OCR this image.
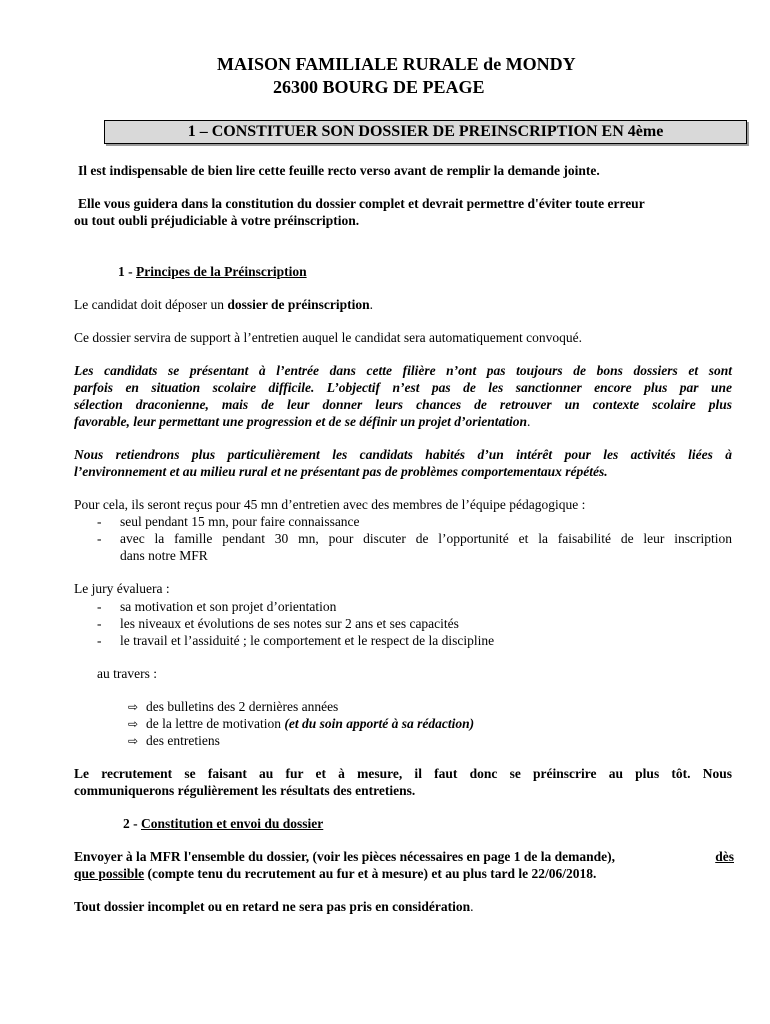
MAISON FAMILIALE RURALE de MONDY
26300 BOURG DE PEAGE
1 – CONSTITUER SON DOSSIER DE PREINSCRIPTION EN 4ème
Il est indispensable de bien lire cette feuille recto verso avant de remplir la demande jointe.
Elle vous guidera dans la constitution du dossier complet et devrait permettre d'éviter toute erreur
ou tout oubli préjudiciable à votre préinscription.
1 - Principes de la Préinscription
Le candidat doit déposer un dossier de préinscription.
Ce dossier servira de support à l’entretien auquel le candidat sera automatiquement convoqué.
Les candidats se présentant à l’entrée dans cette filière n’ont pas toujours de bons dossiers et sont
parfois en situation scolaire difficile. L’objectif n’est pas de les sanctionner encore plus par une
sélection draconienne, mais de leur donner leurs chances de retrouver un contexte scolaire plus
favorable, leur permettant une progression et de se définir un projet d’orientation.
Nous retiendrons plus particulièrement les candidats habités d’un intérêt pour les activités liées à
l’environnement et au milieu rural et ne présentant pas de problèmes comportementaux répétés.
Pour cela, ils seront reçus pour 45 mn d’entretien avec des membres de l’équipe pédagogique :
-	seul pendant 15 mn, pour faire connaissance
-	avec la famille pendant 30 mn, pour discuter de l’opportunité et la faisabilité de leur inscription
dans notre MFR
Le jury évaluera :
-	sa motivation et son projet d’orientation
-	les niveaux et évolutions de ses notes sur 2 ans et ses capacités
-	le travail et l’assiduité ; le comportement et le respect de la discipline
au travers :
⇨ des bulletins des 2 dernières années
⇨ de la lettre de motivation (et du soin apporté à sa rédaction)
⇨ des entretiens
Le recrutement se faisant au fur et à mesure, il faut donc se préinscrire au plus tôt. Nous
communiquerons régulièrement les résultats des entretiens.
2 - Constitution et envoi du dossier
Envoyer à la MFR l'ensemble du dossier, (voir les pièces nécessaires en page 1 de la demande),	dès
que possible (compte tenu du recrutement au fur et à mesure) et au plus tard le 22/06/2018.
Tout dossier incomplet ou en retard ne sera pas pris en considération.
